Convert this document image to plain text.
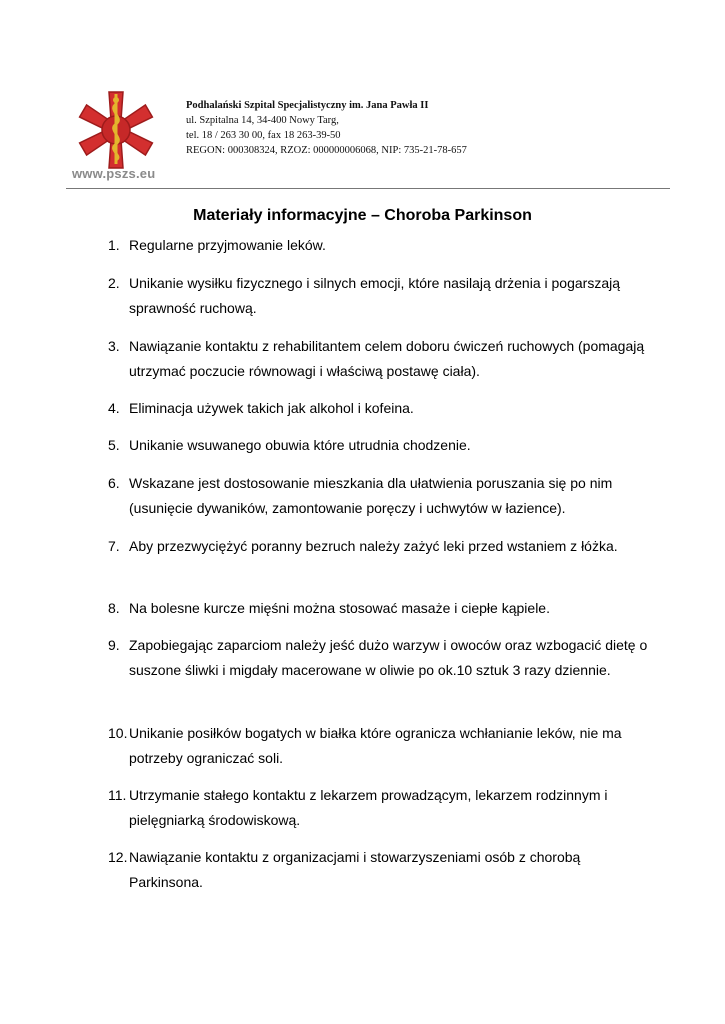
www.pszs.eu
Podhalański Szpital Specjalistyczny im. Jana Pawła II
ul. Szpitalna 14, 34-400 Nowy Targ,
tel. 18 / 263 30 00, fax 18 263-39-50
REGON: 000308324, RZOZ: 000000006068, NIP: 735-21-78-657
Materiały informacyjne – Choroba Parkinson
1. Regularne przyjmowanie leków.
2. Unikanie wysiłku fizycznego i silnych emocji, które nasilają drżenia i pogarszają sprawność ruchową.
3. Nawiązanie kontaktu z rehabilitantem celem doboru ćwiczeń ruchowych (pomagają utrzymać poczucie równowagi i właściwą postawę ciała).
4. Eliminacja używek takich jak alkohol i kofeina.
5. Unikanie wsuwanego obuwia które utrudnia chodzenie.
6. Wskazane jest dostosowanie mieszkania dla ułatwienia poruszania się po nim (usunięcie dywaników, zamontowanie poręczy i uchwytów w łazience).
7. Aby przezwyciężyć poranny bezruch należy zażyć leki przed wstaniem z łóżka.
8. Na bolesne kurcze mięśni można stosować masaże i ciepłe kąpiele.
9. Zapobiegając zaparciom należy jeść dużo warzyw i owoców oraz wzbogacić dietę o suszone śliwki i migdały macerowane w oliwie po ok.10 sztuk 3 razy dziennie.
10. Unikanie posiłków bogatych w białka które ogranicza wchłanianie leków, nie ma potrzeby ograniczać soli.
11. Utrzymanie stałego kontaktu z lekarzem prowadzącym, lekarzem rodzinnym i pielęgniarką środowiskową.
12. Nawiązanie kontaktu z organizacjami i stowarzyszeniami osób z chorobą Parkinsona.
